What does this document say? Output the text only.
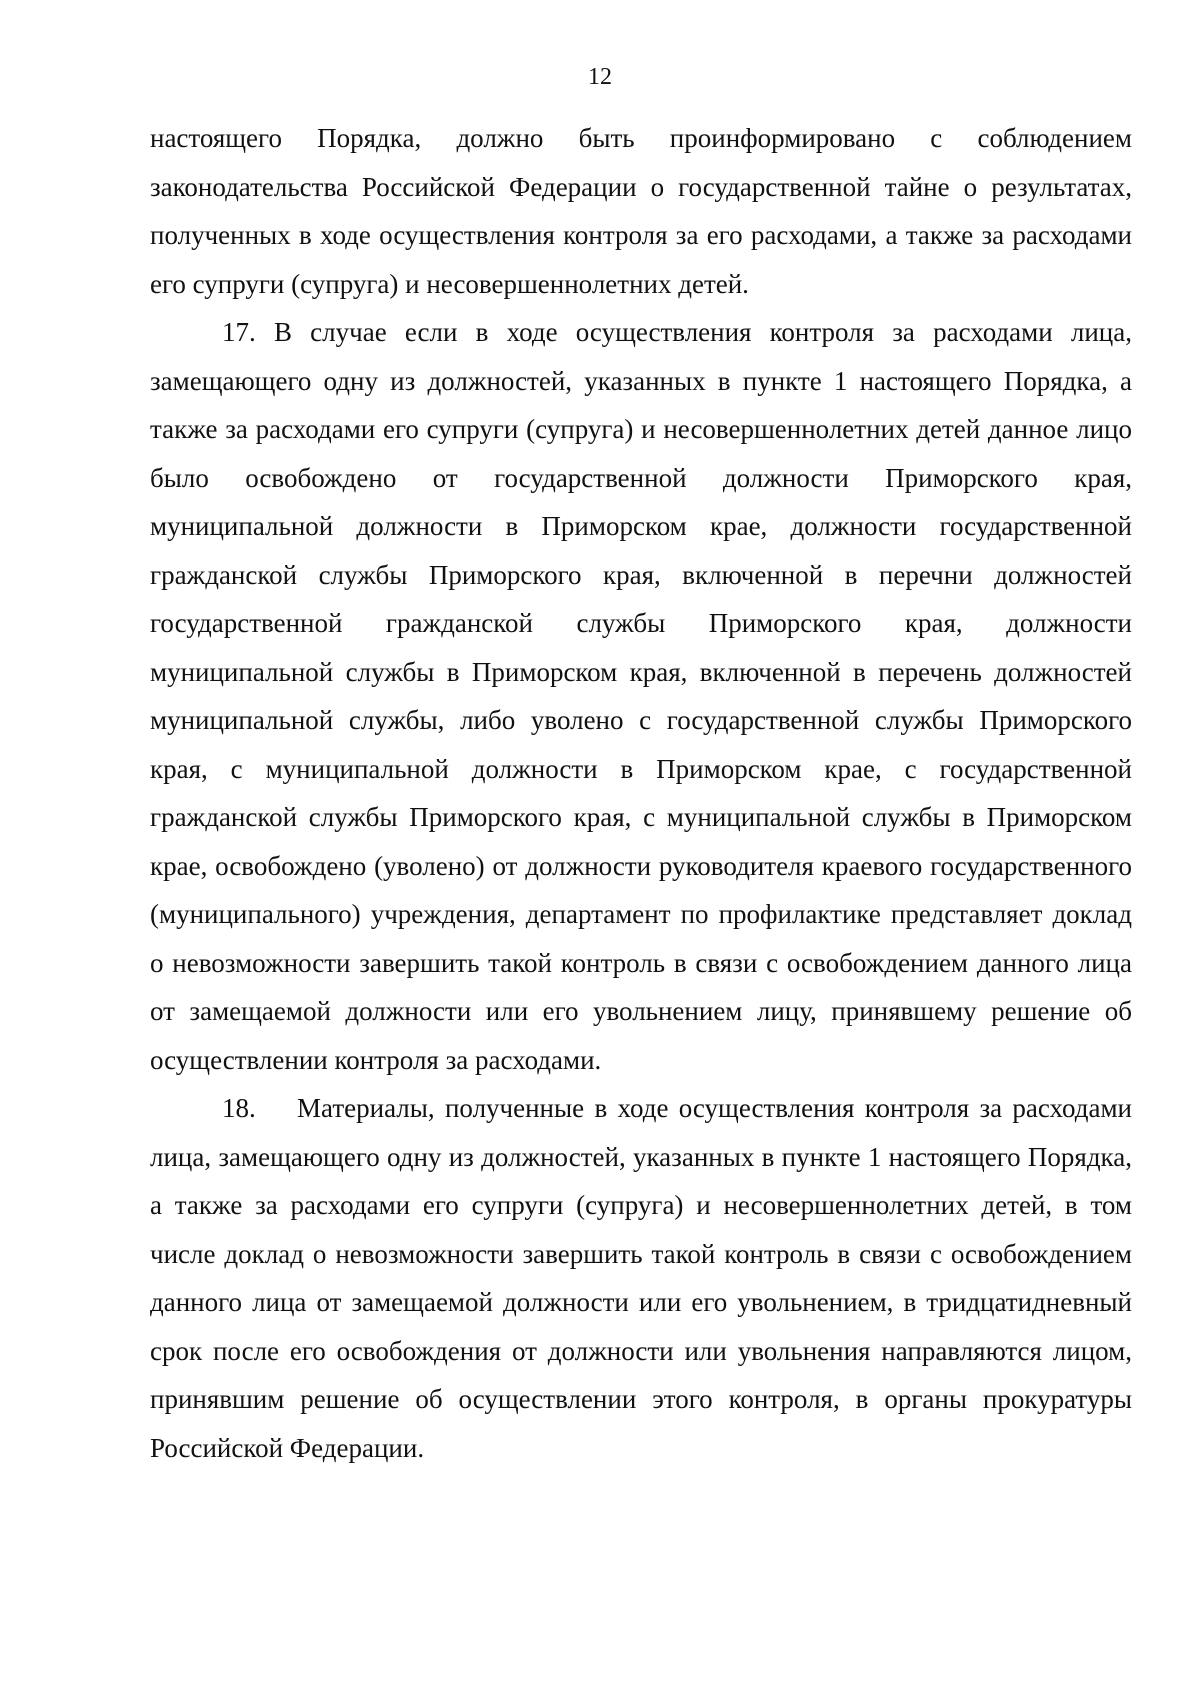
12

настоящего Порядка, должно быть проинформировано с соблюдением законодательства Российской Федерации о государственной тайне о результатах, полученных в ходе осуществления контроля за его расходами, а также за расходами его супруги (супруга) и несовершеннолетних детей.

17. В случае если в ходе осуществления контроля за расходами лица, замещающего одну из должностей, указанных в пункте 1 настоящего Порядка, а также за расходами его супруги (супруга) и несовершеннолетних детей данное лицо было освобождено от государственной должности Приморского края, муниципальной должности в Приморском крае, должности государственной гражданской службы Приморского края, включенной в перечни должностей государственной гражданской службы Приморского края, должности муниципальной службы в Приморском края, включенной в перечень должностей муниципальной службы, либо уволено с государственной службы Приморского края, с муниципальной должности в Приморском крае, с государственной гражданской службы Приморского края, с муниципальной службы в Приморском крае, освобождено (уволено) от должности руководителя краевого государственного (муниципального) учреждения, департамент по профилактике представляет доклад о невозможности завершить такой контроль в связи с освобождением данного лица от замещаемой должности или его увольнением лицу, принявшему решение об осуществлении контроля за расходами.

18.    Материалы, полученные в ходе осуществления контроля за расходами лица, замещающего одну из должностей, указанных в пункте 1 настоящего Порядка, а также за расходами его супруги (супруга) и несовершеннолетних детей, в том числе доклад о невозможности завершить такой контроль в связи с освобождением данного лица от замещаемой должности или его увольнением, в тридцатидневный срок после его освобождения от должности или увольнения направляются лицом, принявшим решение об осуществлении этого контроля, в органы прокуратуры Российской Федерации.
